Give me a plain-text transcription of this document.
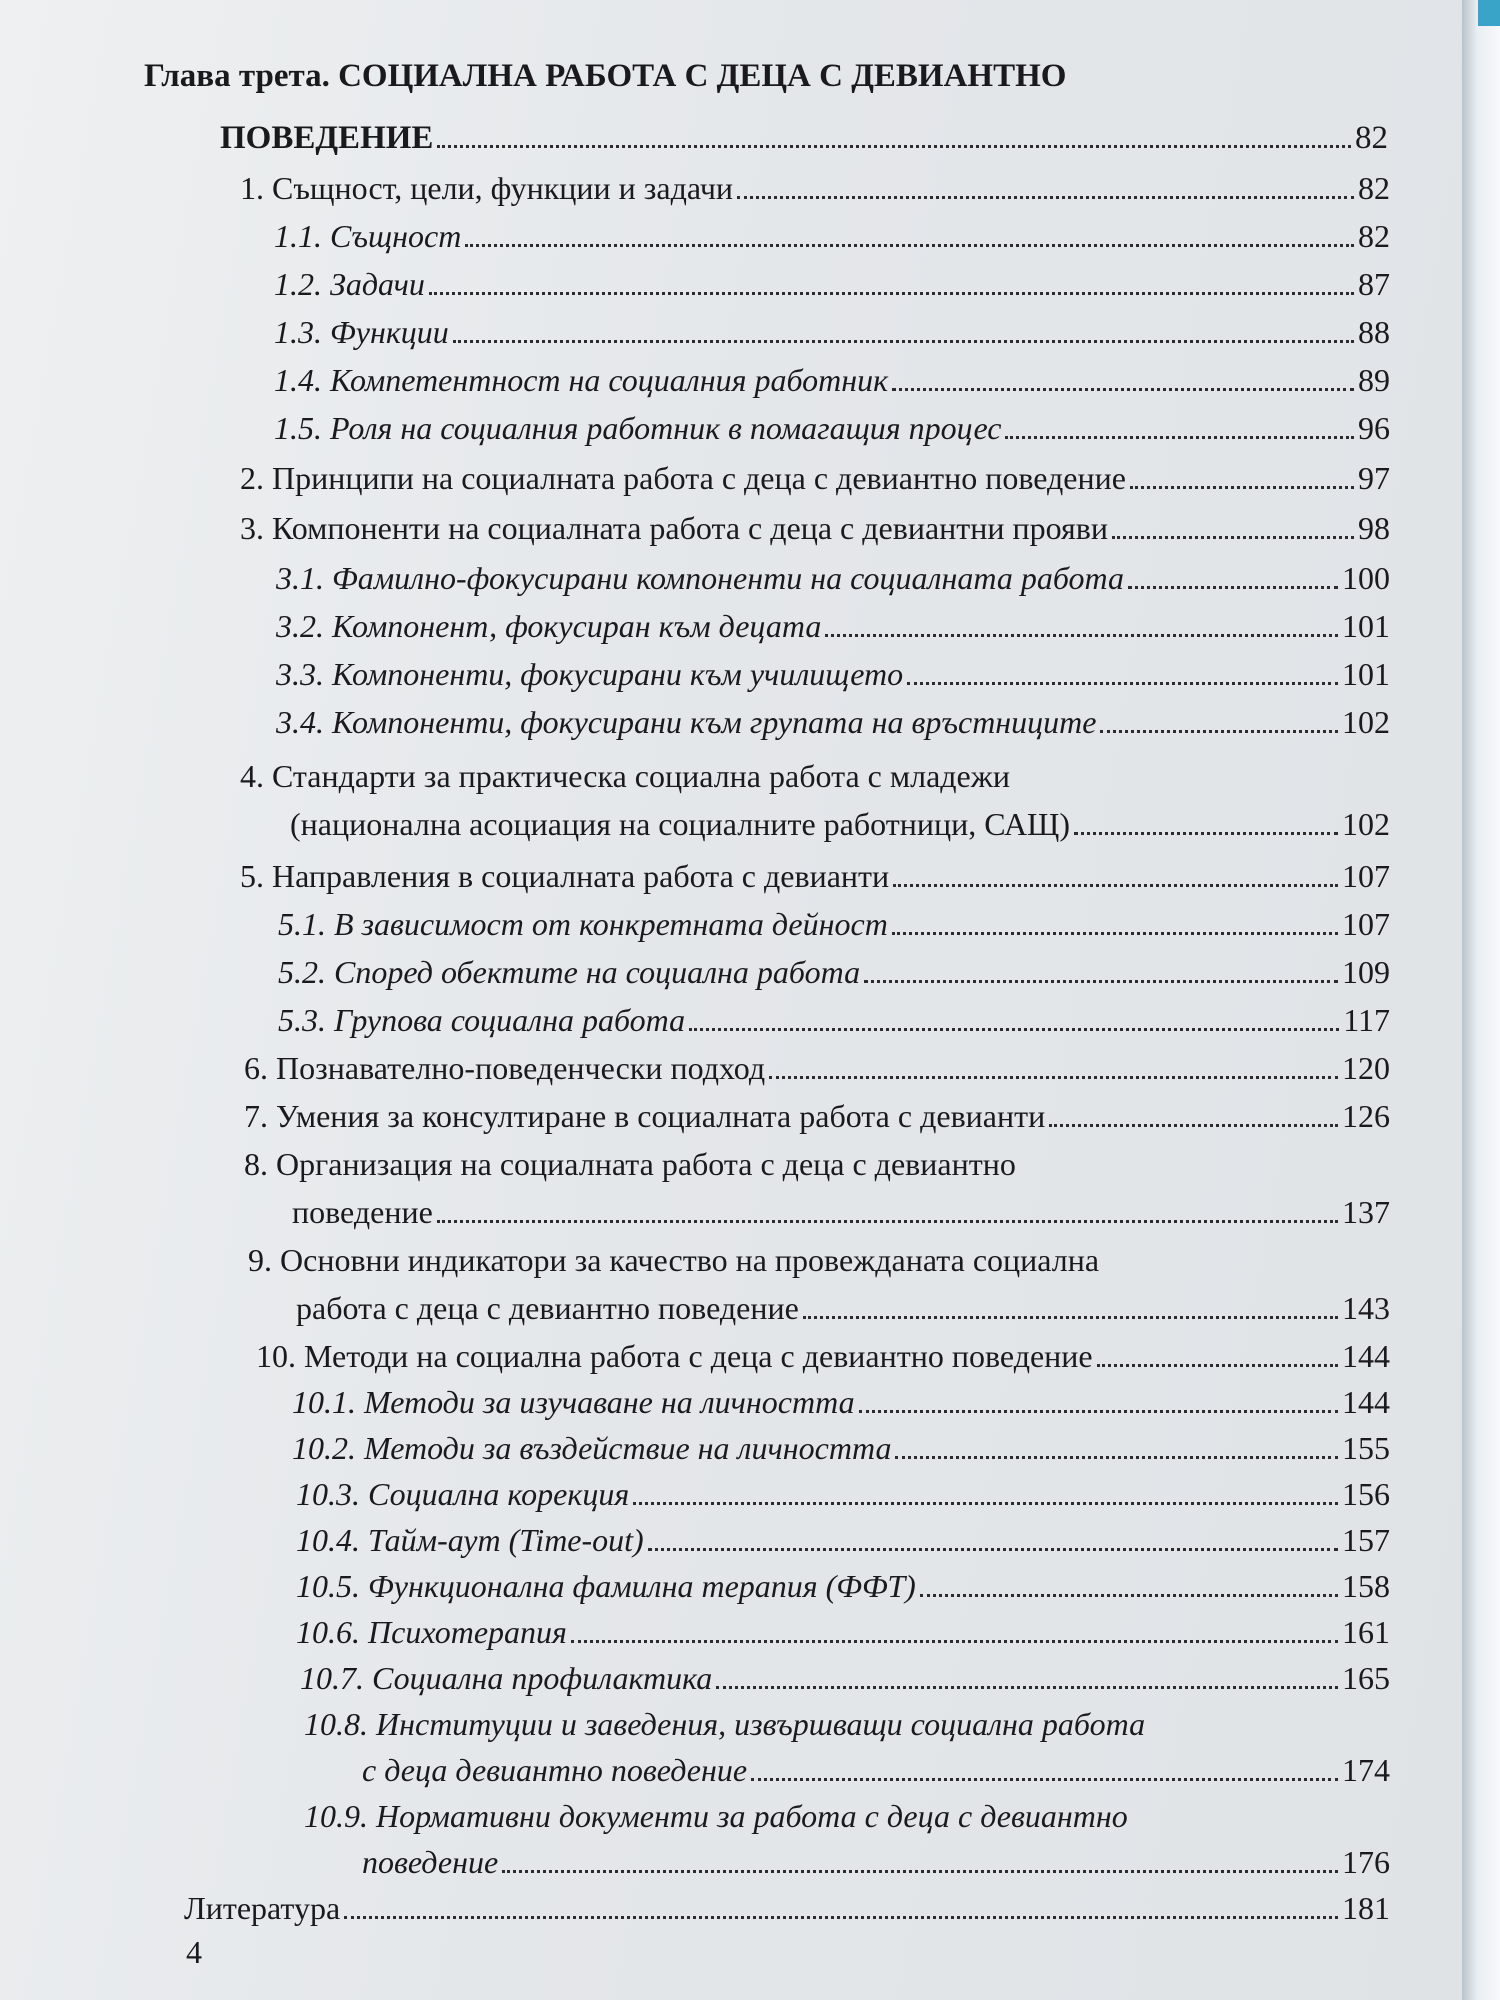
Глава трета. СОЦИАЛНА РАБОТА С ДЕЦА С ДЕВИАНТНО
ПОВЕДЕНИЕ	82
1. Същност, цели, функции и задачи	82
1.1. Същност	82
1.2. Задачи	87
1.3. Функции	88
1.4. Компетентност на социалния работник	89
1.5. Роля на социалния работник в помагащия процес	96
2. Принципи на социалната работа с деца с девиантно поведение	97
3. Компоненти на социалната работа с деца с девиантни прояви	98
3.1. Фамилно-фокусирани компоненти на социалната работа	100
3.2. Компонент, фокусиран към децата	101
3.3. Компоненти, фокусирани към училището	101
3.4. Компоненти, фокусирани към групата на връстниците	102
4. Стандарти за практическа социална работа с младежи
(национална асоциация на социалните работници, САЩ)	102
5. Направления в социалната работа с девианти	107
5.1. В зависимост от конкретната дейност	107
5.2. Според обектите на социална работа	109
5.3. Групова социална работа	117
6. Познавателно-поведенчески подход	120
7. Умения за консултиране в социалната работа с девианти	126
8. Организация на социалната работа с деца с девиантно
поведение	137
9. Основни индикатори за качество на провежданата социална
работа с деца с девиантно поведение	143
10. Методи на социална работа с деца с девиантно поведение	144
10.1. Методи за изучаване на личността	144
10.2. Методи за въздействие на личността	155
10.3. Социална корекция	156
10.4. Тайм-аут (Time-out)	157
10.5. Функционална фамилна терапия (ФФТ)	158
10.6. Психотерапия	161
10.7. Социална профилактика	165
10.8. Институции и заведения, извършващи социална работа
с деца девиантно поведение	174
10.9. Нормативни документи за работа с деца с девиантно
поведение	176
Литература	181
4
